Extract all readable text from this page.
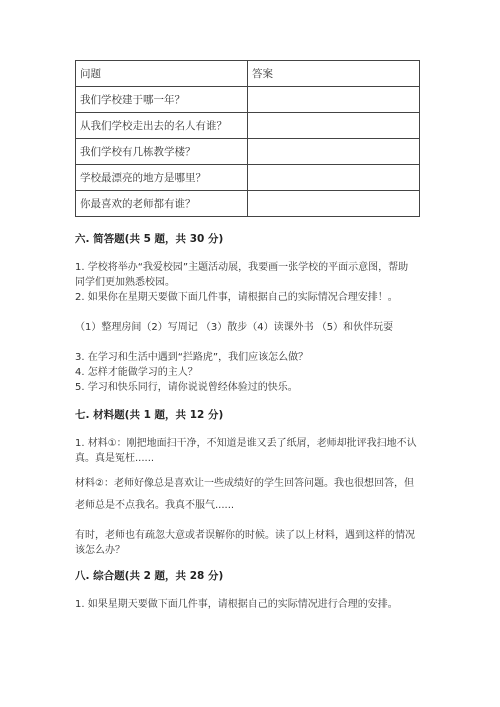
问题	答案
我们学校建于哪一年？	
从我们学校走出去的名人有谁？	
我们学校有几栋教学楼？	
学校最漂亮的地方是哪里？	
你最喜欢的老师都有谁？	
六. 简答题(共 5 题，共 30 分)
1. 学校将举办“我爱校园”主题活动展，我要画一张学校的平面示意图，帮助
同学们更加熟悉校园。
2. 如果你在星期天要做下面几件事，请根据自己的实际情况合理安排！。
（1）整理房间（2）写周记 （3）散步（4）读课外书 （5）和伙伴玩耍
3. 在学习和生活中遇到“拦路虎”，我们应该怎么做？
4. 怎样才能做学习的主人？
5. 学习和快乐同行，请你说说曾经体验过的快乐。
七. 材料题(共 1 题，共 12 分)
1. 材料①：刚把地面扫干净，不知道是谁又丢了纸屑，老师却批评我扫地不认
真。真是冤枉......
材料②：老师好像总是喜欢让一些成绩好的学生回答问题。我也很想回答，但
老师总是不点我名。我真不服气......
有时，老师也有疏忽大意或者误解你的时候。读了以上材料，遇到这样的情况
该怎么办？
八. 综合题(共 2 题，共 28 分)
1. 如果星期天要做下面几件事，请根据自己的实际情况进行合理的安排。
